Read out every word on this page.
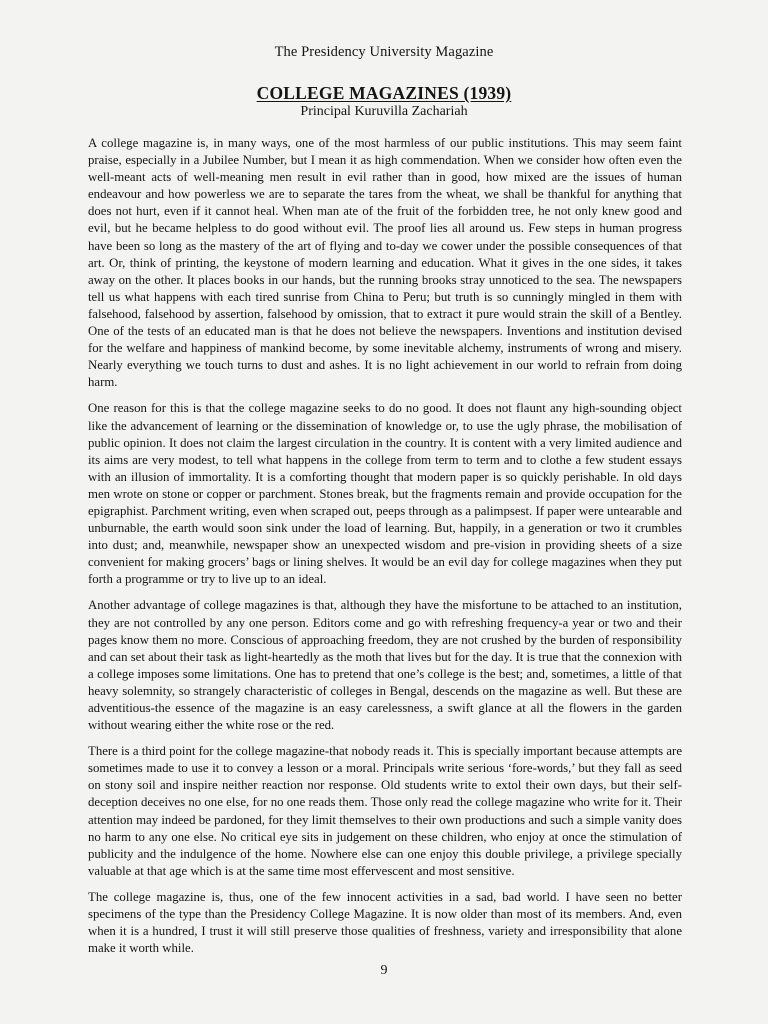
The Presidency University Magazine
COLLEGE MAGAZINES (1939)
Principal Kuruvilla Zachariah

A college magazine is, in many ways, one of the most harmless of our public institutions. This may seem faint praise, especially in a Jubilee Number, but I mean it as high commendation. When we consider how often even the well-meant acts of well-meaning men result in evil rather than in good, how mixed are the issues of human endeavour and how powerless we are to separate the tares from the wheat, we shall be thankful for anything that does not hurt, even if it cannot heal. When man ate of the fruit of the forbidden tree, he not only knew good and evil, but he became helpless to do good without evil. The proof lies all around us. Few steps in human progress have been so long as the mastery of the art of flying and to-day we cower under the possible consequences of that art. Or, think of printing, the keystone of modern learning and education. What it gives in the one sides, it takes away on the other. It places books in our hands, but the running brooks stray unnoticed to the sea. The newspapers tell us what happens with each tired sunrise from China to Peru; but truth is so cunningly mingled in them with falsehood, falsehood by assertion, falsehood by omission, that to extract it pure would strain the skill of a Bentley. One of the tests of an educated man is that he does not believe the newspapers. Inventions and institution devised for the welfare and happiness of mankind become, by some inevitable alchemy, instruments of wrong and misery. Nearly everything we touch turns to dust and ashes. It is no light achievement in our world to refrain from doing harm.

One reason for this is that the college magazine seeks to do no good. It does not flaunt any high-sounding object like the advancement of learning or the dissemination of knowledge or, to use the ugly phrase, the mobilisation of public opinion. It does not claim the largest circulation in the country. It is content with a very limited audience and its aims are very modest, to tell what happens in the college from term to term and to clothe a few student essays with an illusion of immortality. It is a comforting thought that modern paper is so quickly perishable. In old days men wrote on stone or copper or parchment. Stones break, but the fragments remain and provide occupation for the epigraphist. Parchment writing, even when scraped out, peeps through as a palimpsest. If paper were untearable and unburnable, the earth would soon sink under the load of learning. But, happily, in a generation or two it crumbles into dust; and, meanwhile, newspaper show an unexpected wisdom and pre-vision in providing sheets of a size convenient for making grocers’ bags or lining shelves. It would be an evil day for college magazines when they put forth a programme or try to live up to an ideal.

Another advantage of college magazines is that, although they have the misfortune to be attached to an institution, they are not controlled by any one person. Editors come and go with refreshing frequency-a year or two and their pages know them no more. Conscious of approaching freedom, they are not crushed by the burden of responsibility and can set about their task as light-heartedly as the moth that lives but for the day. It is true that the connexion with a college imposes some limitations. One has to pretend that one’s college is the best; and, sometimes, a little of that heavy solemnity, so strangely characteristic of colleges in Bengal, descends on the magazine as well. But these are adventitious-the essence of the magazine is an easy carelessness, a swift glance at all the flowers in the garden without wearing either the white rose or the red.

There is a third point for the college magazine-that nobody reads it. This is specially important because attempts are sometimes made to use it to convey a lesson or a moral. Principals write serious ‘fore-words,’ but they fall as seed on stony soil and inspire neither reaction nor response. Old students write to extol their own days, but their self-deception deceives no one else, for no one reads them. Those only read the college magazine who write for it. Their attention may indeed be pardoned, for they limit themselves to their own productions and such a simple vanity does no harm to any one else. No critical eye sits in judgement on these children, who enjoy at once the stimulation of publicity and the indulgence of the home. Nowhere else can one enjoy this double privilege, a privilege specially valuable at that age which is at the same time most effervescent and most sensitive.

The college magazine is, thus, one of the few innocent activities in a sad, bad world. I have seen no better specimens of the type than the Presidency College Magazine. It is now older than most of its members. And, even when it is a hundred, I trust it will still preserve those qualities of freshness, variety and irresponsibility that alone make it worth while.

9
